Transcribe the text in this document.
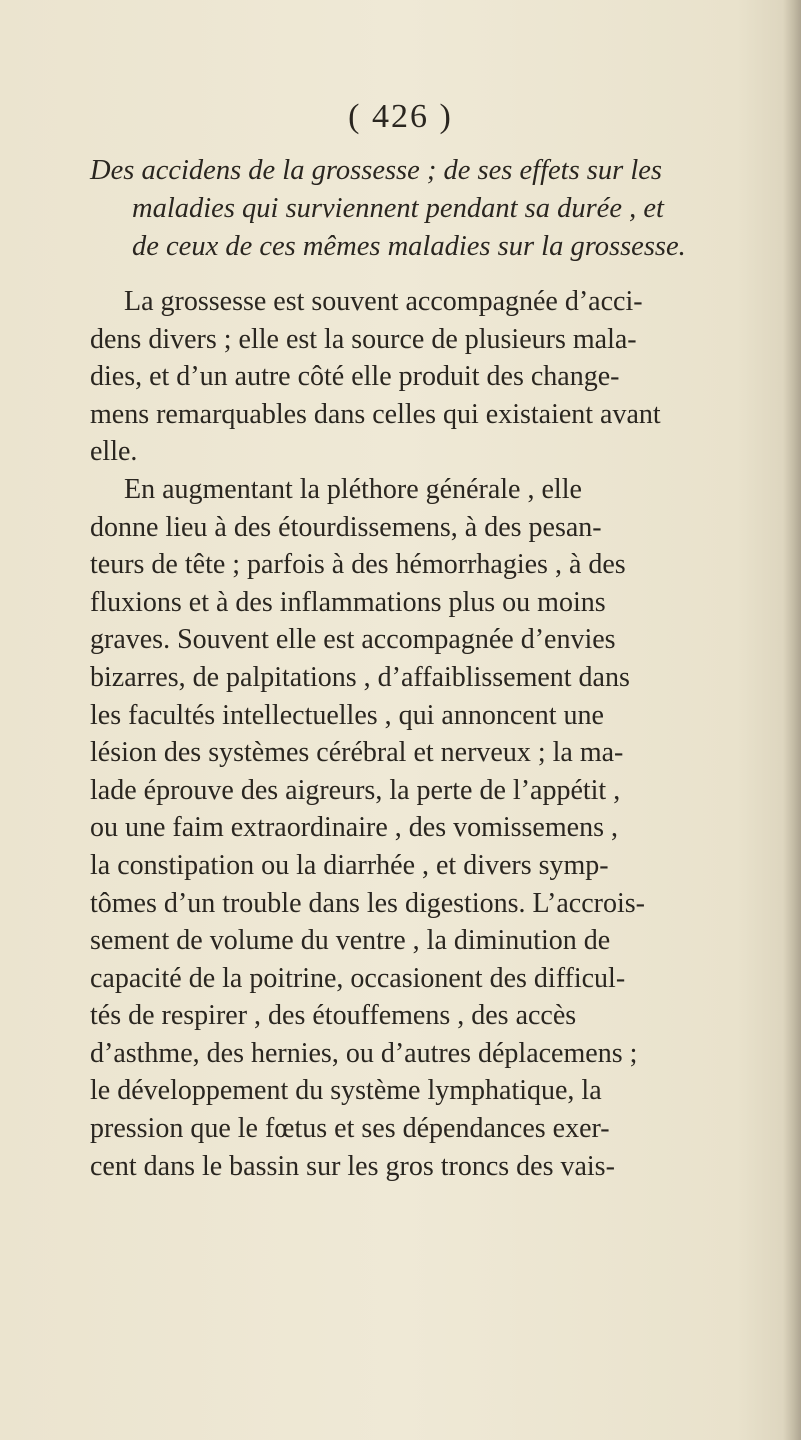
( 426 )
Des accidens de la grossesse ; de ses effets sur les
maladies qui surviennent pendant sa durée , et
de ceux de ces mêmes maladies sur la grossesse.
La grossesse est souvent accompagnée d’acci-
dens divers ; elle est la source de plusieurs mala-
dies, et d’un autre côté elle produit des change-
mens remarquables dans celles qui existaient avant
elle.
En augmentant la pléthore générale , elle
donne lieu à des étourdissemens, à des pesan-
teurs de tête ; parfois à des hémorrhagies , à des
fluxions et à des inflammations plus ou moins
graves. Souvent elle est accompagnée d’envies
bizarres, de palpitations , d’affaiblissement dans
les facultés intellectuelles , qui annoncent une
lésion des systèmes cérébral et nerveux ; la ma-
lade éprouve des aigreurs, la perte de l’appétit ,
ou une faim extraordinaire , des vomissemens ,
la constipation ou la diarrhée , et divers symp-
tômes d’un trouble dans les digestions. L’accrois-
sement de volume du ventre , la diminution de
capacité de la poitrine, occasionent des difficul-
tés de respirer , des étouffemens , des accès
d’asthme, des hernies, ou d’autres déplacemens ;
le développement du système lymphatique, la
pression que le fœtus et ses dépendances exer-
cent dans le bassin sur les gros troncs des vais-
